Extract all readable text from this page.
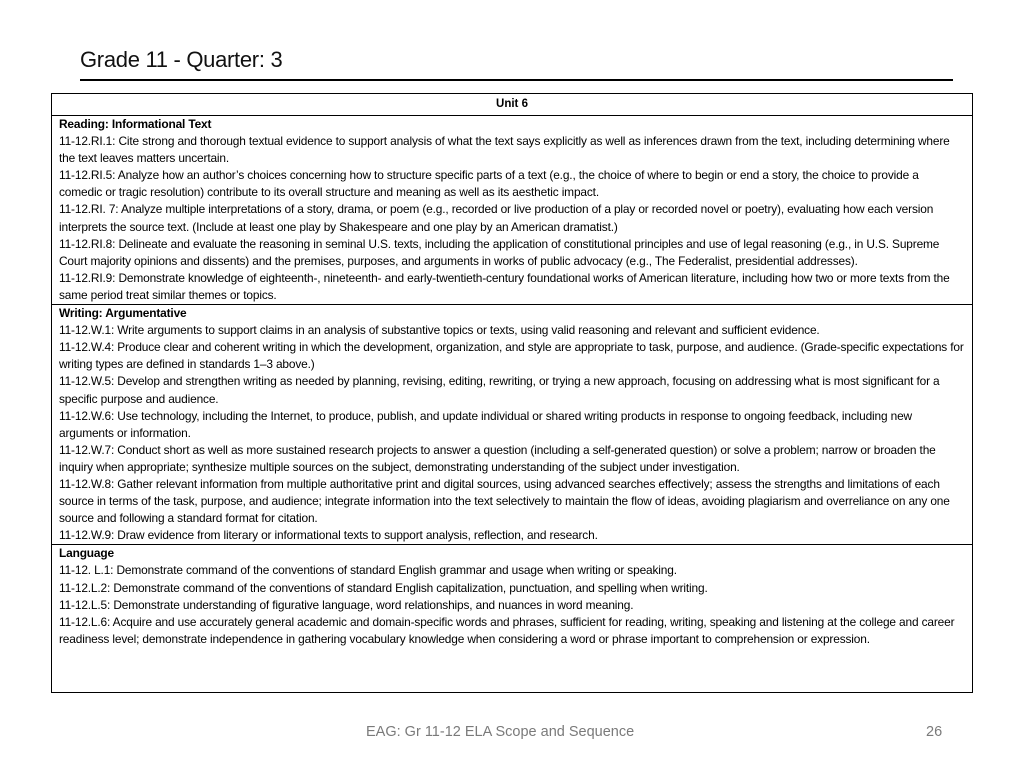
Grade 11 - Quarter: 3
Unit 6

Reading: Informational Text
11-12.RI.1: Cite strong and thorough textual evidence to support analysis of what the text says explicitly as well as inferences drawn from the text, including determining where the text leaves matters uncertain.
11-12.RI.5: Analyze how an author’s choices concerning how to structure specific parts of a text (e.g., the choice of where to begin or end a story, the choice to provide a comedic or tragic resolution) contribute to its overall structure and meaning as well as its aesthetic impact.
11-12.RI. 7: Analyze multiple interpretations of a story, drama, or poem (e.g., recorded or live production of a play or recorded novel or poetry), evaluating how each version interprets the source text. (Include at least one play by Shakespeare and one play by an American dramatist.)
11-12.RI.8: Delineate and evaluate the reasoning in seminal U.S. texts, including the application of constitutional principles and use of legal reasoning (e.g., in U.S. Supreme Court majority opinions and dissents) and the premises, purposes, and arguments in works of public advocacy (e.g., The Federalist, presidential addresses).
11-12.RI.9: Demonstrate knowledge of eighteenth-, nineteenth- and early-twentieth-century foundational works of American literature, including how two or more texts from the same period treat similar themes or topics.

Writing: Argumentative
11-12.W.1: Write arguments to support claims in an analysis of substantive topics or texts, using valid reasoning and relevant and sufficient evidence.
11-12.W.4: Produce clear and coherent writing in which the development, organization, and style are appropriate to task, purpose, and audience. (Grade-specific expectations for writing types are defined in standards 1–3 above.)
11-12.W.5: Develop and strengthen writing as needed by planning, revising, editing, rewriting, or trying a new approach, focusing on addressing what is most significant for a specific purpose and audience.
11-12.W.6: Use technology, including the Internet, to produce, publish, and update individual or shared writing products in response to ongoing feedback, including new arguments or information.
11-12.W.7: Conduct short as well as more sustained research projects to answer a question (including a self-generated question) or solve a problem; narrow or broaden the inquiry when appropriate; synthesize multiple sources on the subject, demonstrating understanding of the subject under investigation.
11-12.W.8: Gather relevant information from multiple authoritative print and digital sources, using advanced searches effectively; assess the strengths and limitations of each source in terms of the task, purpose, and audience; integrate information into the text selectively to maintain the flow of ideas, avoiding plagiarism and overreliance on any one source and following a standard format for citation.
11-12.W.9: Draw evidence from literary or informational texts to support analysis, reflection, and research.

Language
11-12. L.1: Demonstrate command of the conventions of standard English grammar and usage when writing or speaking.
11-12.L.2: Demonstrate command of the conventions of standard English capitalization, punctuation, and spelling when writing.
11-12.L.5: Demonstrate understanding of figurative language, word relationships, and nuances in word meaning.
11-12.L.6: Acquire and use accurately general academic and domain-specific words and phrases, sufficient for reading, writing, speaking and listening at the college and career readiness level; demonstrate independence in gathering vocabulary knowledge when considering a word or phrase important to comprehension or expression.
EAG: Gr 11-12 ELA Scope and Sequence	26
